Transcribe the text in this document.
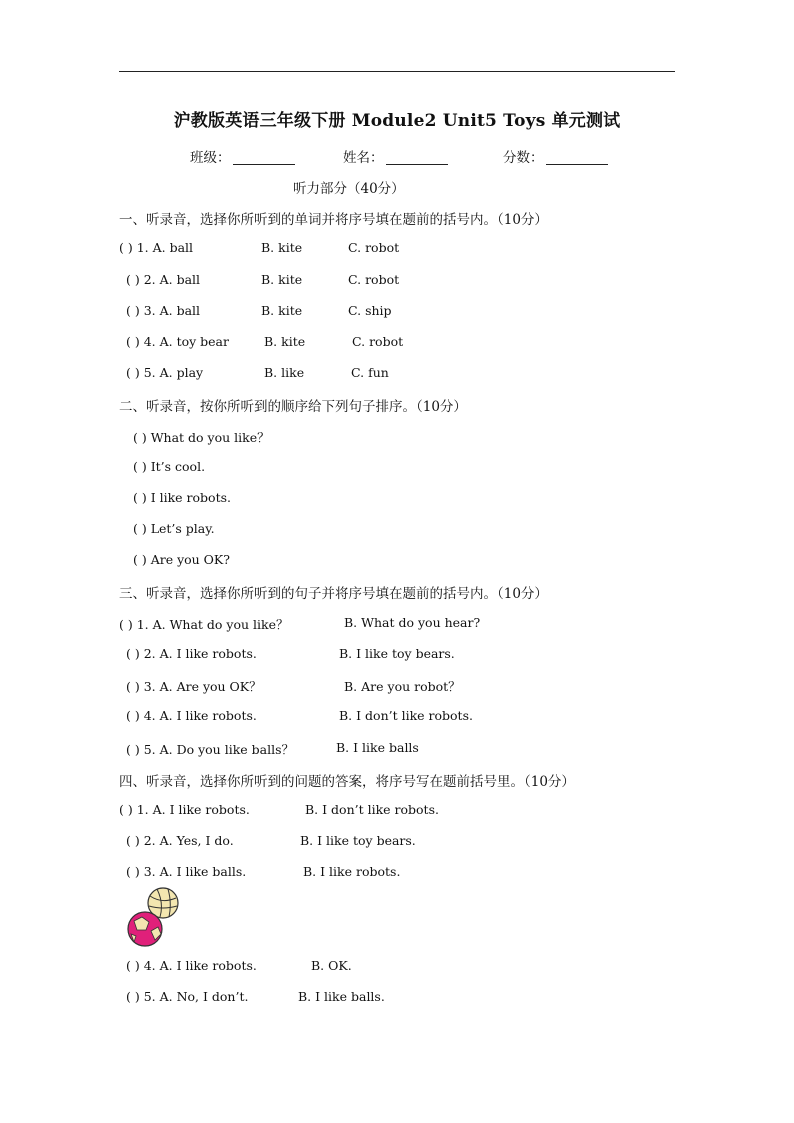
沪教版英语三年级下册 Module2 Unit5 Toys 单元测试
班级：	姓名：	分数：
听力部分（40分）
一、听录音，选择你所听到的单词并将序号填在题前的括号内。（10分）
( ) 1. A. ball	B. kite	C. robot
( ) 2. A. ball	B. kite	C. robot
( ) 3. A. ball	B. kite	C. ship
( ) 4. A. toy bear	B. kite	C. robot
( ) 5. A. play	B. like	C. fun
二、听录音，按你所听到的顺序给下列句子排序。（10分）
( ) What do you like？
( ) It’s cool.
( ) I like robots.
( ) Let’s play.
( ) Are you OK?
三、听录音，选择你所听到的句子并将序号填在题前的括号内。（10分）
( ) 1. A. What do you like？	B. What do you hear?
( ) 2. A. I like robots.	B. I like toy bears.
( ) 3. A. Are you OK？	B. Are you robot？
( ) 4. A. I like robots.	B. I don’t like robots.
( ) 5. A. Do you like balls？	B. I like balls
四、听录音，选择你所听到的问题的答案，将序号写在题前括号里。（10分）
( ) 1. A. I like robots.	B. I don’t like robots.
( ) 2. A. Yes, I do.	B. I like toy bears.
( ) 3. A. I like balls.	B. I like robots.
( ) 4. A. I like robots.	B. OK.
( ) 5. A. No, I don’t.	B. I like balls.
